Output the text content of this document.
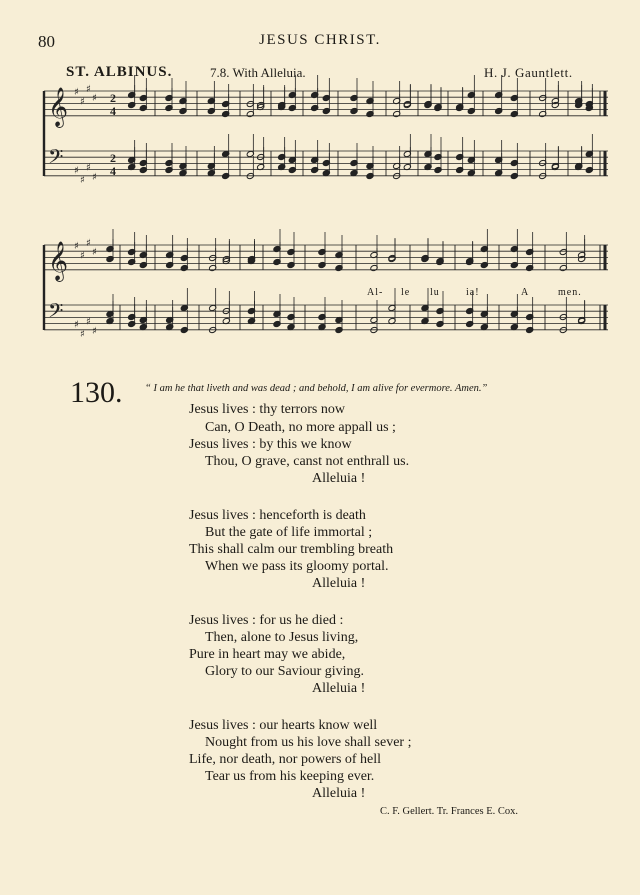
80	JESUS CHRIST.
ST. ALBINUS.	7.8. With Alleluia.	H. J. Gauntlett.
𝄞 ♯
♯
♯
♯
𝄢 ♯
♯
♯
♯
𝄞 ♯
♯
♯
♯
𝄢 ♯
♯
♯
♯
2
4
2
4
Al- le lu	ia!	A	men.
130. “ I am he that liveth and was dead ; and behold, I am alive for evermore. Amen.”
Jesus lives : thy terrors now
Can, O Death, no more appall us ;
Jesus lives : by this we know
Thou, O grave, canst not enthrall us.
Alleluia !
Jesus lives : henceforth is death
But the gate of life immortal ;
This shall calm our trembling breath
When we pass its gloomy portal.
Alleluia !
Jesus lives : for us he died :
Then, alone to Jesus living,
Pure in heart may we abide,
Glory to our Saviour giving.
Alleluia !
Jesus lives : our hearts know well
Nought from us his love shall sever ;
Life, nor death, nor powers of hell
Tear us from his keeping ever.
Alleluia !
C. F. Gellert. Tr. Frances E. Cox.
